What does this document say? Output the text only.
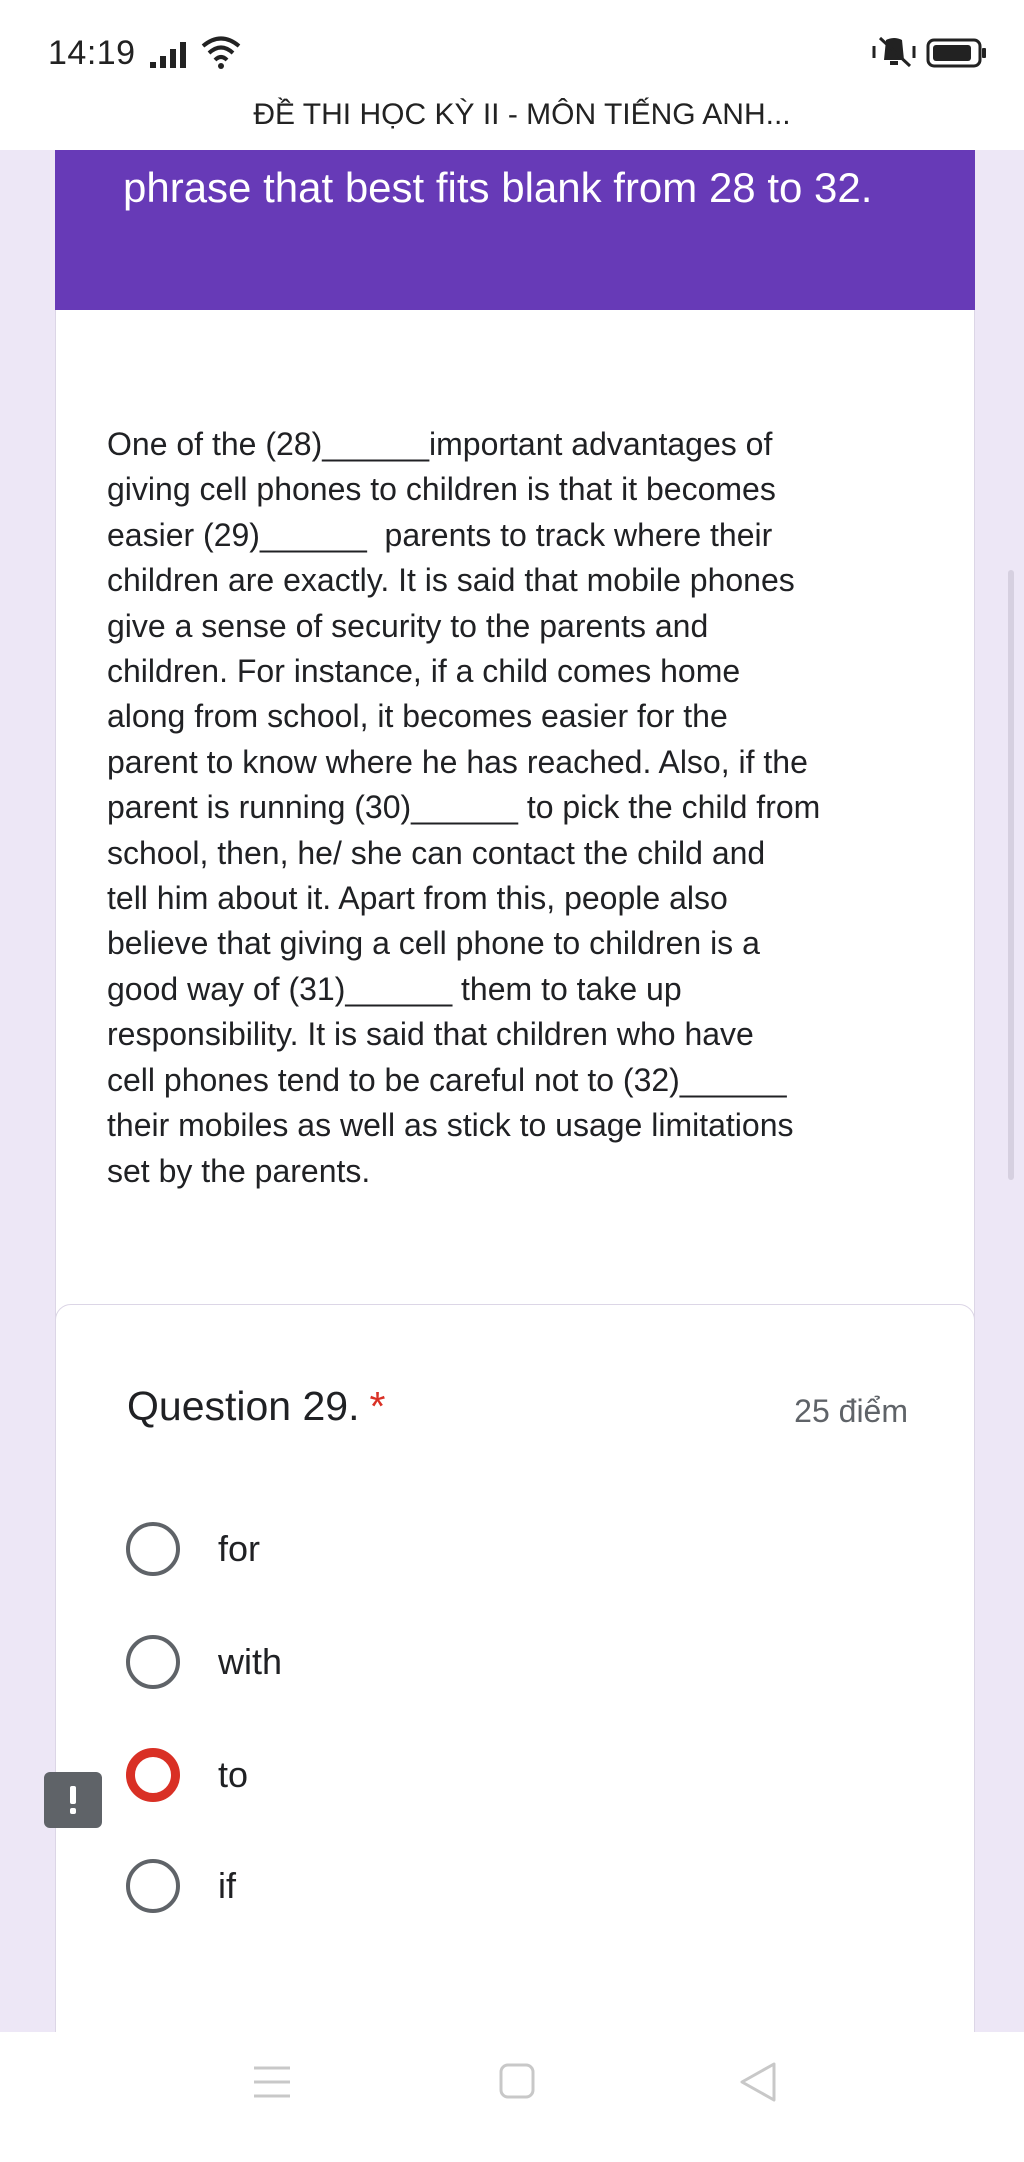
14:19
ĐỀ THI HỌC KỲ II - MÔN TIẾNG ANH...
phrase that best fits blank from 28 to 32.
One of the (28)______important advantages of
giving cell phones to children is that it becomes
easier (29)______  parents to track where their
children are exactly. It is said that mobile phones
give a sense of security to the parents and
children. For instance, if a child comes home
along from school, it becomes easier for the
parent to know where he has reached. Also, if the
parent is running (30)______ to pick the child from
school, then, he/ she can contact the child and
tell him about it. Apart from this, people also
believe that giving a cell phone to children is a
good way of (31)______ them to take up
responsibility. It is said that children who have
cell phones tend to be careful not to (32)______
their mobiles as well as stick to usage limitations
set by the parents.
Question 29. *	25 điểm
for
with
to
if
